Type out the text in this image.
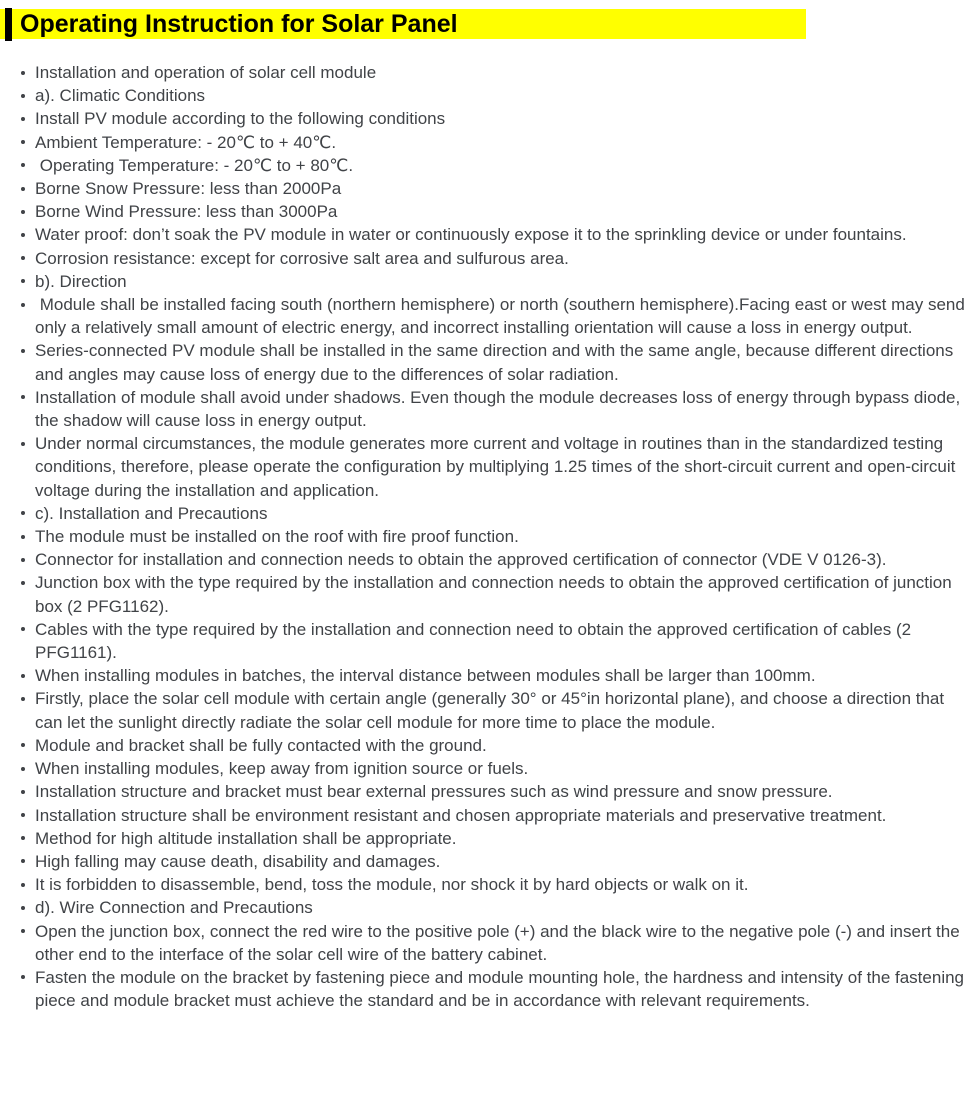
Operating Instruction for Solar Panel
Installation and operation of solar cell module
a). Climatic Conditions
Install PV module according to the following conditions
Ambient Temperature: - 20℃ to + 40℃.
Operating Temperature: - 20℃ to + 80℃.
Borne Snow Pressure: less than 2000Pa
Borne Wind Pressure: less than 3000Pa
Water proof: don’t soak the PV module in water or continuously expose it to the sprinkling device or under fountains.
Corrosion resistance: except for corrosive salt area and sulfurous area.
b). Direction
Module shall be installed facing south (northern hemisphere) or north (southern hemisphere).Facing east or west may send only a relatively small amount of electric energy, and incorrect installing orientation will cause a loss in energy output.
Series-connected PV module shall be installed in the same direction and with the same angle, because different directions and angles may cause loss of energy due to the differences of solar radiation.
Installation of module shall avoid under shadows. Even though the module decreases loss of energy through bypass diode, the shadow will cause loss in energy output.
Under normal circumstances, the module generates more current and voltage in routines than in the standardized testing conditions, therefore, please operate the configuration by multiplying 1.25 times of the short-circuit current and open-circuit voltage during the installation and application.
c). Installation and Precautions
The module must be installed on the roof with fire proof function.
Connector for installation and connection needs to obtain the approved certification of connector (VDE V 0126-3).
Junction box with the type required by the installation and connection needs to obtain the approved certification of junction box (2 PFG1162).
Cables with the type required by the installation and connection need to obtain the approved certification of cables (2 PFG1161).
When installing modules in batches, the interval distance between modules shall be larger than 100mm.
Firstly, place the solar cell module with certain angle (generally 30° or 45°in horizontal plane), and choose a direction that can let the sunlight directly radiate the solar cell module for more time to place the module.
Module and bracket shall be fully contacted with the ground.
When installing modules, keep away from ignition source or fuels.
Installation structure and bracket must bear external pressures such as wind pressure and snow pressure.
Installation structure shall be environment resistant and chosen appropriate materials and preservative treatment.
Method for high altitude installation shall be appropriate.
High falling may cause death, disability and damages.
It is forbidden to disassemble, bend, toss the module, nor shock it by hard objects or walk on it.
d). Wire Connection and Precautions
Open the junction box, connect the red wire to the positive pole (+) and the black wire to the negative pole (-) and insert the other end to the interface of the solar cell wire of the battery cabinet.
Fasten the module on the bracket by fastening piece and module mounting hole, the hardness and intensity of the fastening piece and module bracket must achieve the standard and be in accordance with relevant requirements.
